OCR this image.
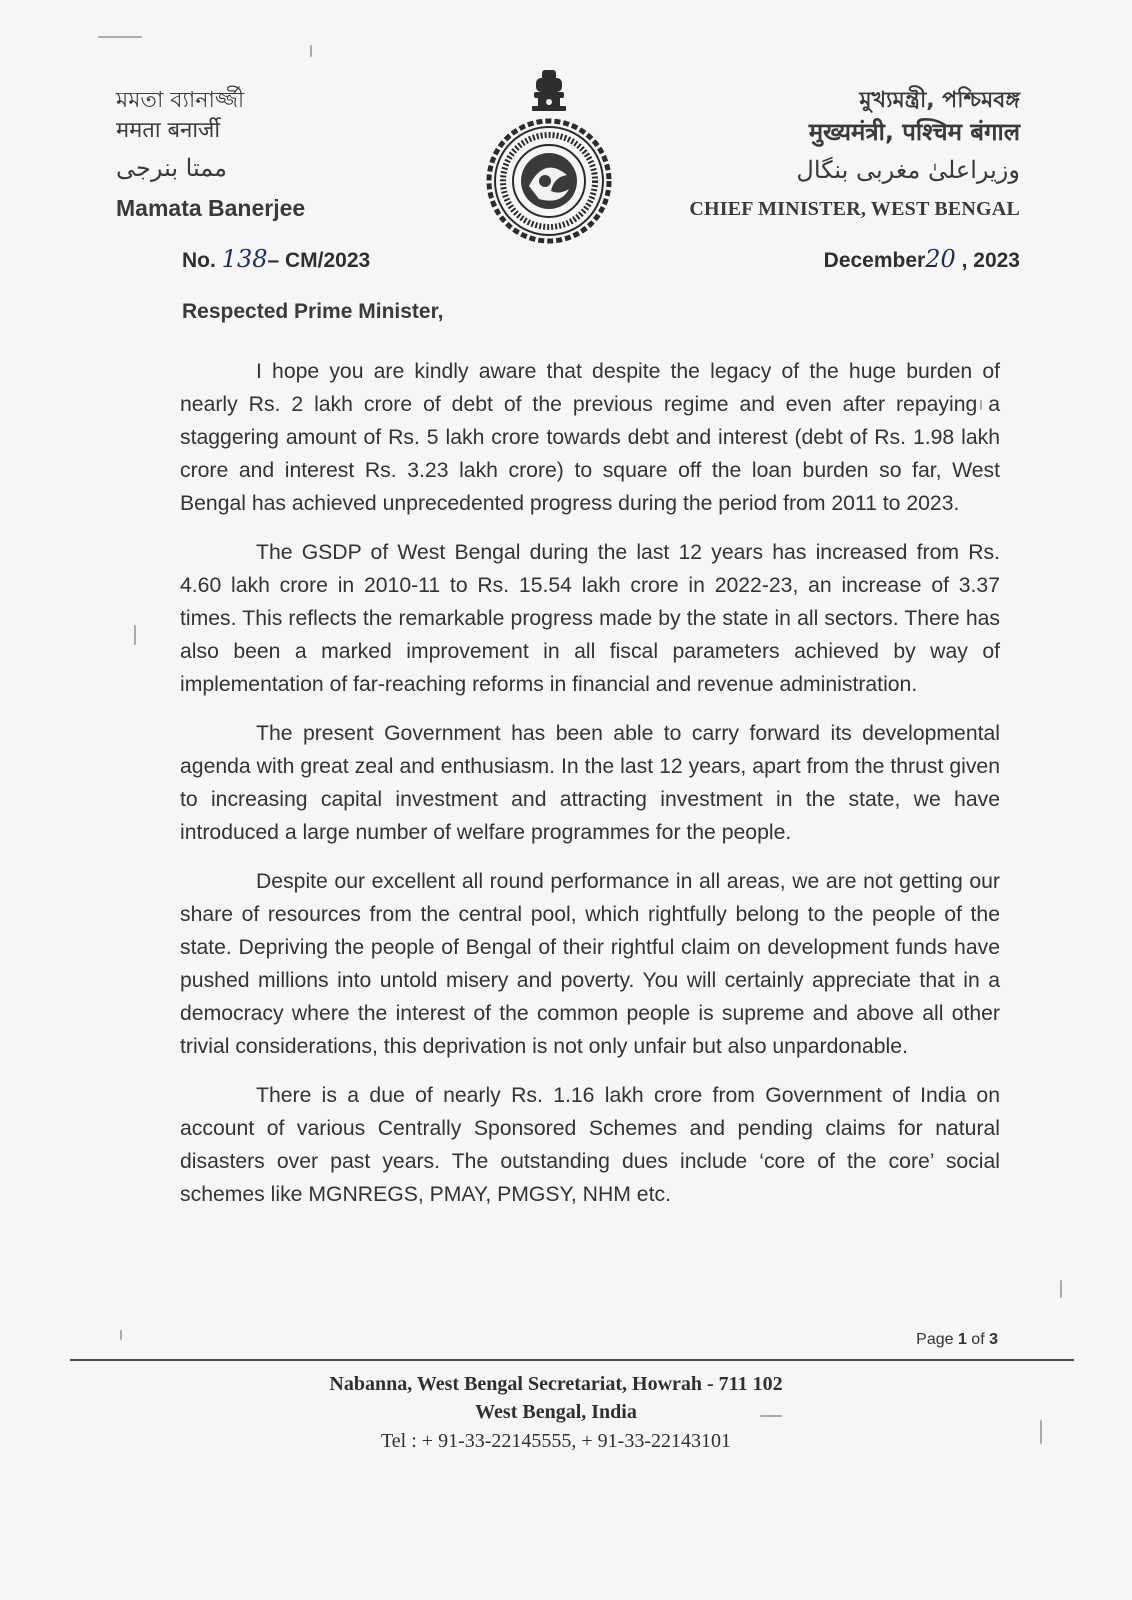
মমতা ব্যানার্জ্জী
ममता बनार्जी
ممتا بنرجی
Mamata Banerjee
No. 138– CM/2023
মুখ্যমন্ত্রী, পশ্চিমবঙ্গ
मुख्यमंत्री, पश्चिम बंगाल
وزیراعلیٰ مغربی بنگال
CHIEF MINISTER, WEST BENGAL
December20 , 2023
Respected Prime Minister,

I hope you are kindly aware that despite the legacy of the huge burden of nearly Rs. 2 lakh crore of debt of the previous regime and even after repaying a staggering amount of Rs. 5 lakh crore towards debt and interest (debt of Rs. 1.98 lakh crore and interest Rs. 3.23 lakh crore) to square off the loan burden so far, West Bengal has achieved unprecedented progress during the period from 2011 to 2023.

The GSDP of West Bengal during the last 12 years has increased from Rs. 4.60 lakh crore in 2010-11 to Rs. 15.54 lakh crore in 2022-23, an increase of 3.37 times. This reflects the remarkable progress made by the state in all sectors. There has also been a marked improvement in all fiscal parameters achieved by way of implementation of far-reaching reforms in financial and revenue administration.

The present Government has been able to carry forward its developmental agenda with great zeal and enthusiasm. In the last 12 years, apart from the thrust given to increasing capital investment and attracting investment in the state, we have introduced a large number of welfare programmes for the people.

Despite our excellent all round performance in all areas, we are not getting our share of resources from the central pool, which rightfully belong to the people of the state. Depriving the people of Bengal of their rightful claim on development funds have pushed millions into untold misery and poverty. You will certainly appreciate that in a democracy where the interest of the common people is supreme and above all other trivial considerations, this deprivation is not only unfair but also unpardonable.

There is a due of nearly Rs. 1.16 lakh crore from Government of India on account of various Centrally Sponsored Schemes and pending claims for natural disasters over past years. The outstanding dues include ‘core of the core’ social schemes like MGNREGS, PMAY, PMGSY, NHM etc.

Page 1 of 3
Nabanna, West Bengal Secretariat, Howrah - 711 102
West Bengal, India
Tel : + 91-33-22145555, + 91-33-22143101
